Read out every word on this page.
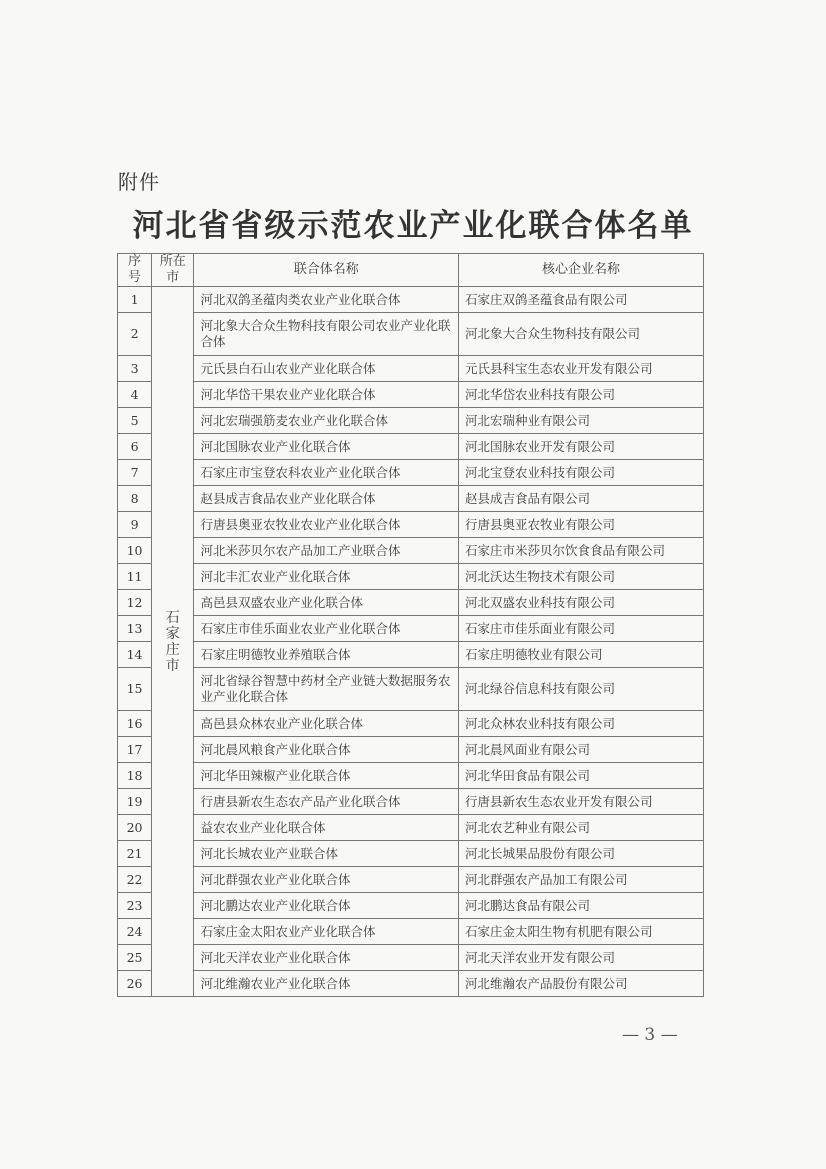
附件
河北省省级示范农业产业化联合体名单
序号	所在市	联合体名称	核心企业名称
1	石家庄市	河北双鸽圣蕴肉类农业产业化联合体	石家庄双鸽圣蕴食品有限公司
2		河北象大合众生物科技有限公司农业产业化联合体	河北象大合众生物科技有限公司
3		元氏县白石山农业产业化联合体	元氏县科宝生态农业开发有限公司
4		河北华岱干果农业产业化联合体	河北华岱农业科技有限公司
5		河北宏瑞强筋麦农业产业化联合体	河北宏瑞种业有限公司
6		河北国脉农业产业化联合体	河北国脉农业开发有限公司
7		石家庄市宝登农科农业产业化联合体	河北宝登农业科技有限公司
8		赵县成吉食品农业产业化联合体	赵县成吉食品有限公司
9		行唐县奥亚农牧业农业产业化联合体	行唐县奥亚农牧业有限公司
10		河北米莎贝尔农产品加工产业联合体	石家庄市米莎贝尔饮食食品有限公司
11		河北丰汇农业产业化联合体	河北沃达生物技术有限公司
12		高邑县双盛农业产业化联合体	河北双盛农业科技有限公司
13		石家庄市佳乐面业农业产业化联合体	石家庄市佳乐面业有限公司
14		石家庄明德牧业养殖联合体	石家庄明德牧业有限公司
15		河北省绿谷智慧中药材全产业链大数据服务农业产业化联合体	河北绿谷信息科技有限公司
16		高邑县众林农业产业化联合体	河北众林农业科技有限公司
17		河北晨风粮食产业化联合体	河北晨风面业有限公司
18		河北华田辣椒产业化联合体	河北华田食品有限公司
19		行唐县新农生态农产品产业化联合体	行唐县新农生态农业开发有限公司
20		益农农业产业化联合体	河北农艺种业有限公司
21		河北长城农业产业联合体	河北长城果品股份有限公司
22		河北群强农业产业化联合体	河北群强农产品加工有限公司
23		河北鹏达农业产业化联合体	河北鹏达食品有限公司
24		石家庄金太阳农业产业化联合体	石家庄金太阳生物有机肥有限公司
25		河北天洋农业产业化联合体	河北天洋农业开发有限公司
26		河北维瀚农业产业化联合体	河北维瀚农产品股份有限公司
— 3 —
